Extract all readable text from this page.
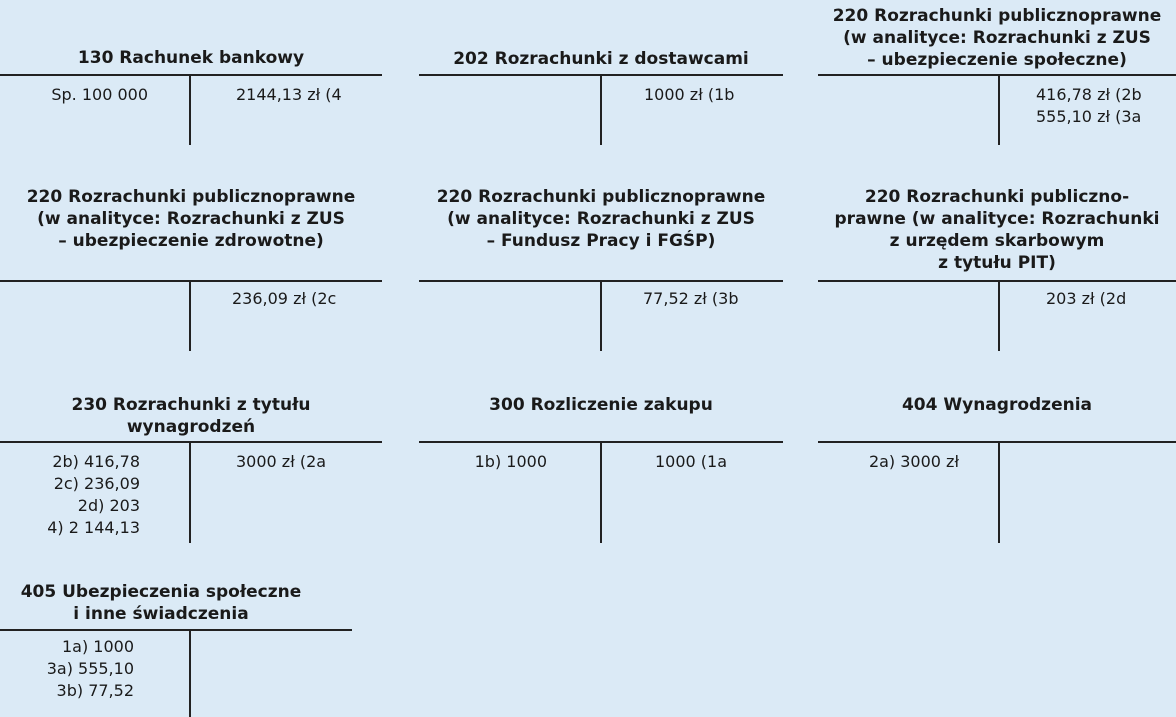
130 Rachunek bankowy
Sp. 100 000	2144,13 zł (4
202 Rozrachunki z dostawcami
1000 zł (1b
220 Rozrachunki publicznoprawne
(w analityce: Rozrachunki z ZUS
– ubezpieczenie społeczne)
416,78 zł (2b
555,10 zł (3a
220 Rozrachunki publicznoprawne
(w analityce: Rozrachunki z ZUS
– ubezpieczenie zdrowotne)
236,09 zł (2c
220 Rozrachunki publicznoprawne
(w analityce: Rozrachunki z ZUS
– Fundusz Pracy i FGŚP)
77,52 zł (3b
220 Rozrachunki publiczno-
prawne (w analityce: Rozrachunki
z urzędem skarbowym
z tytułu PIT)
203 zł (2d
230 Rozrachunki z tytułu
wynagrodzeń
2b) 416,78
2c) 236,09
2d) 203
4) 2 144,13
3000 zł (2a
300 Rozliczenie zakupu
1b) 1000	1000 (1a
404 Wynagrodzenia
2a) 3000 zł
405 Ubezpieczenia społeczne
i inne świadczenia
1a) 1000
3a) 555,10
3b) 77,52
